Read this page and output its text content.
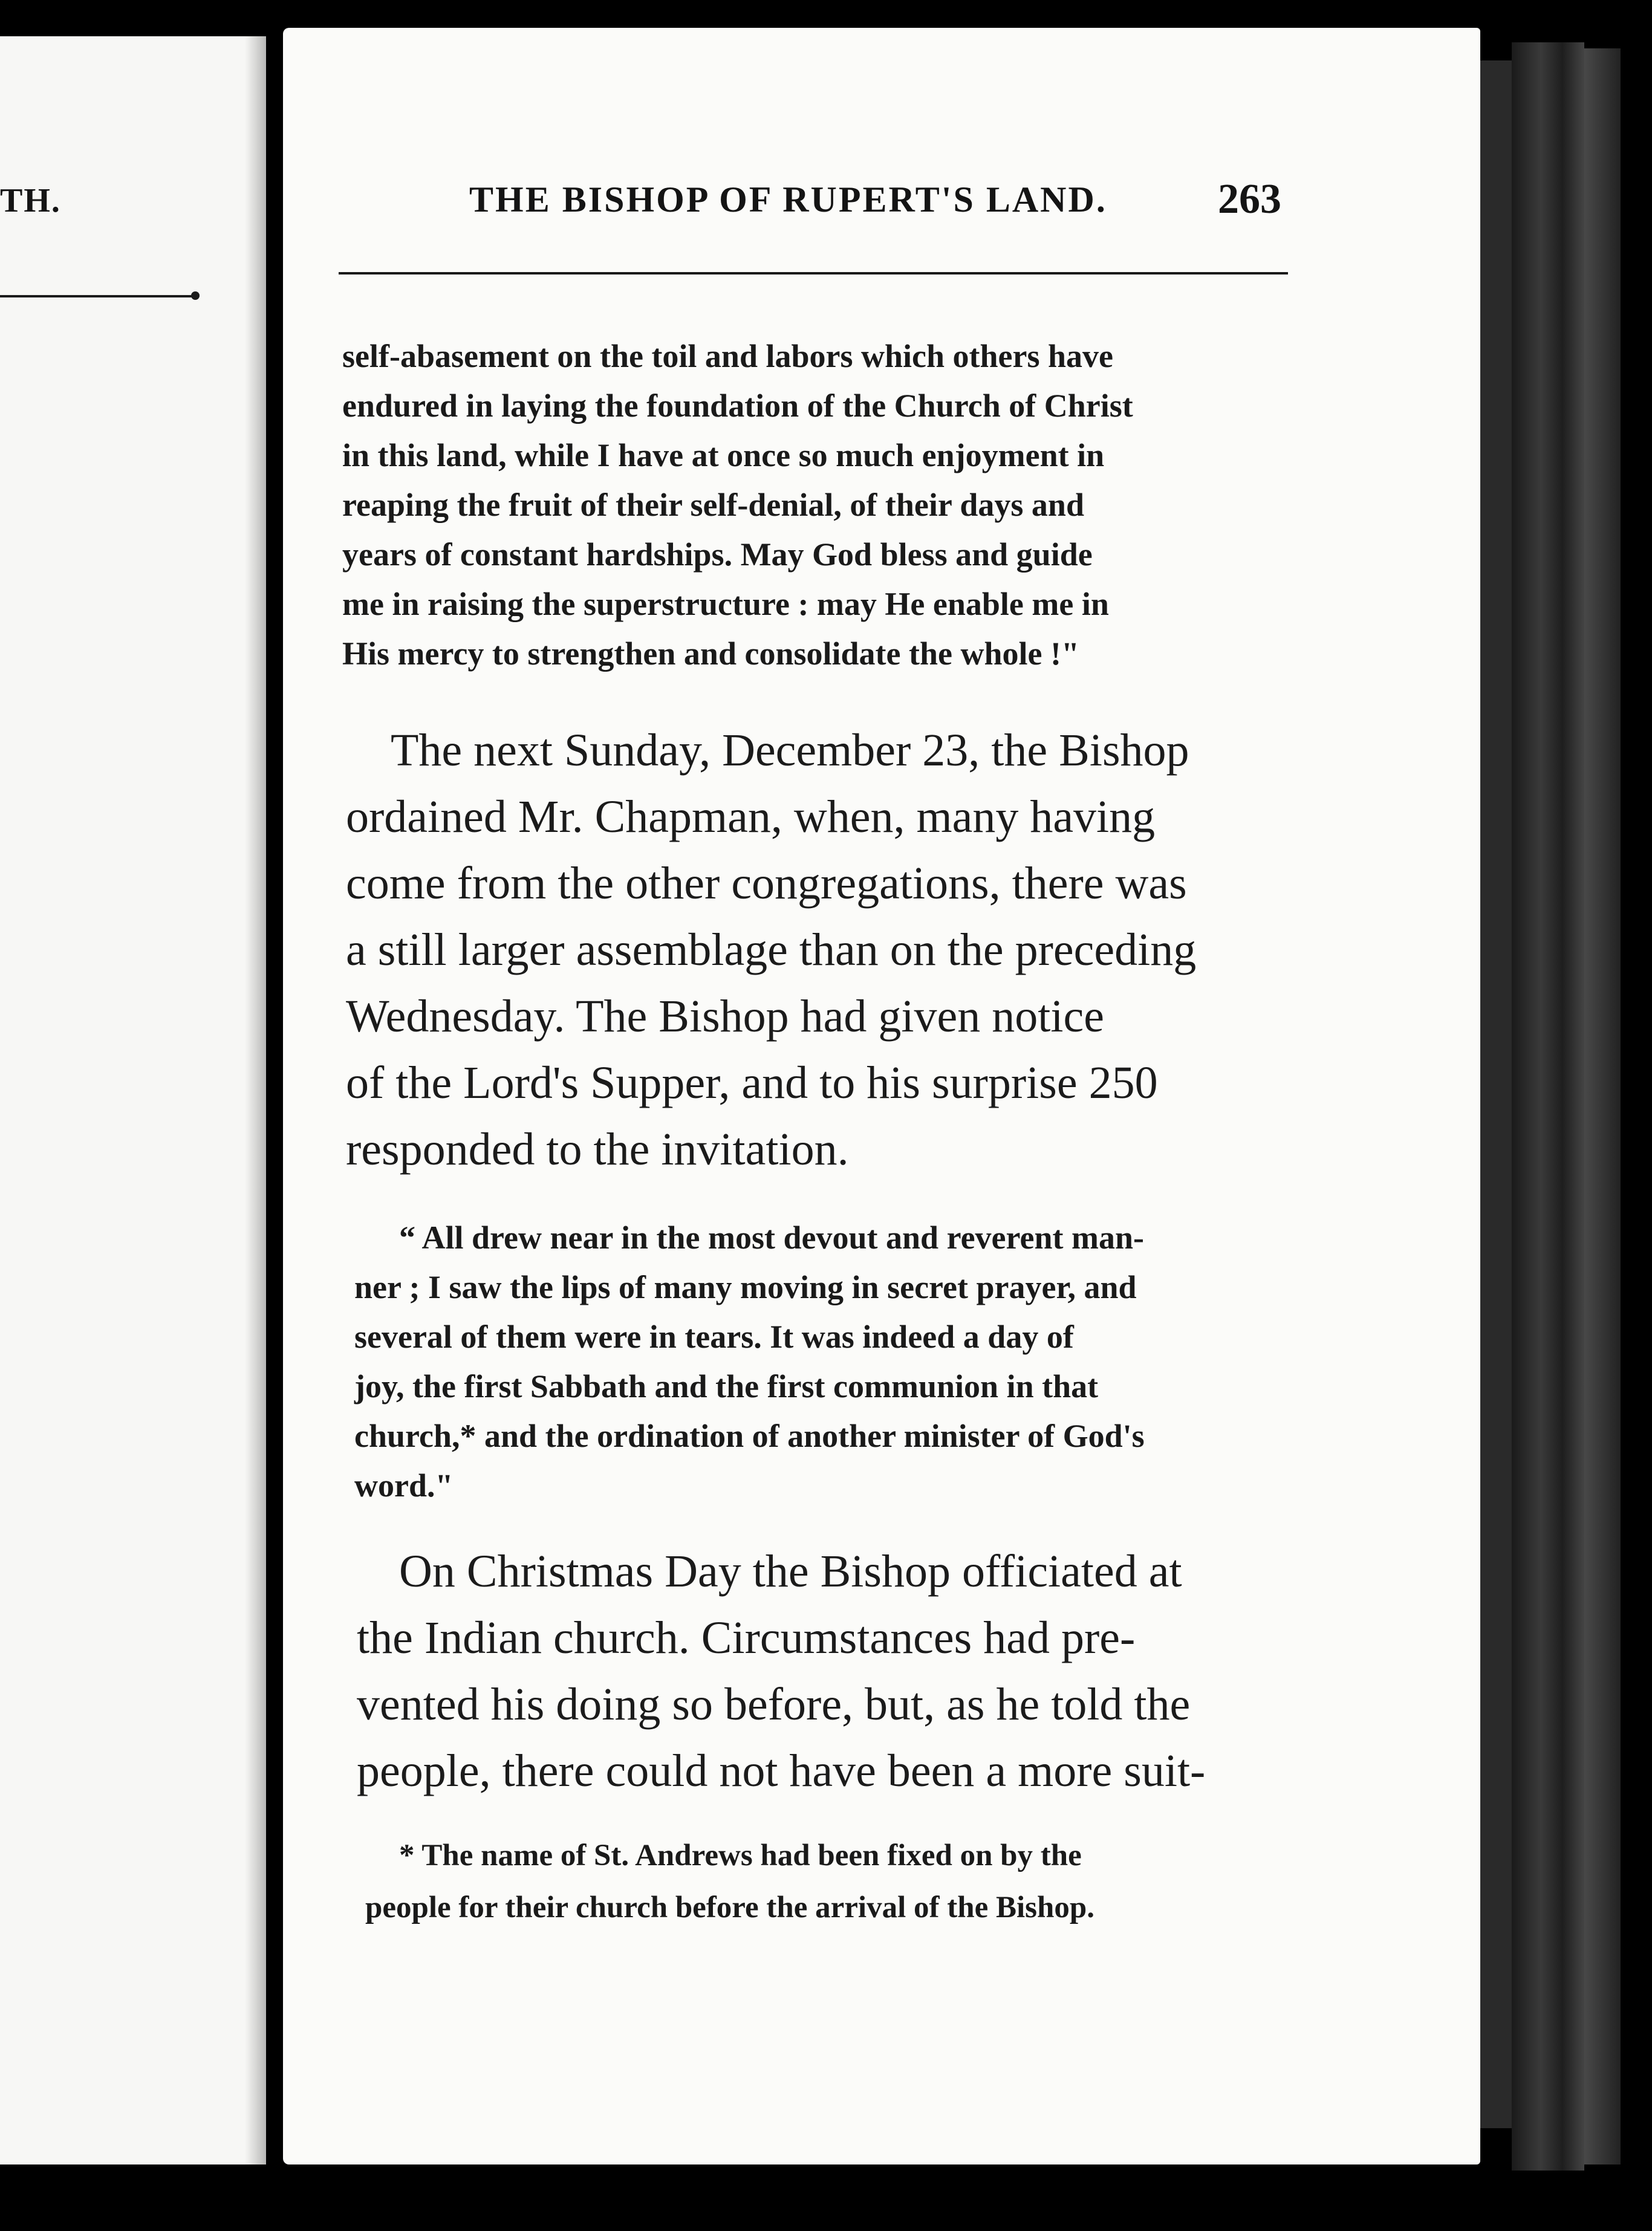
TH.	THE BISHOP OF RUPERT'S LAND.	263
self-abasement on the toil and labors which others have
endured in laying the foundation of the Church of Christ
in this land, while I have at once so much enjoyment in
reaping the fruit of their self-denial, of their days and
years of constant hardships. May God bless and guide
me in raising the superstructure : may He enable me in
His mercy to strengthen and consolidate the whole !"
The next Sunday, December 23, the Bishop
ordained Mr. Chapman, when, many having
come from the other congregations, there was
a still larger assemblage than on the preceding
Wednesday. The Bishop had given notice
of the Lord's Supper, and to his surprise 250
responded to the invitation.
“ All drew near in the most devout and reverent man-
ner ; I saw the lips of many moving in secret prayer, and
several of them were in tears. It was indeed a day of
joy, the first Sabbath and the first communion in that
church,* and the ordination of another minister of God's
word."
On Christmas Day the Bishop officiated at
the Indian church. Circumstances had pre-
vented his doing so before, but, as he told the
people, there could not have been a more suit-
* The name of St. Andrews had been fixed on by the
people for their church before the arrival of the Bishop.
